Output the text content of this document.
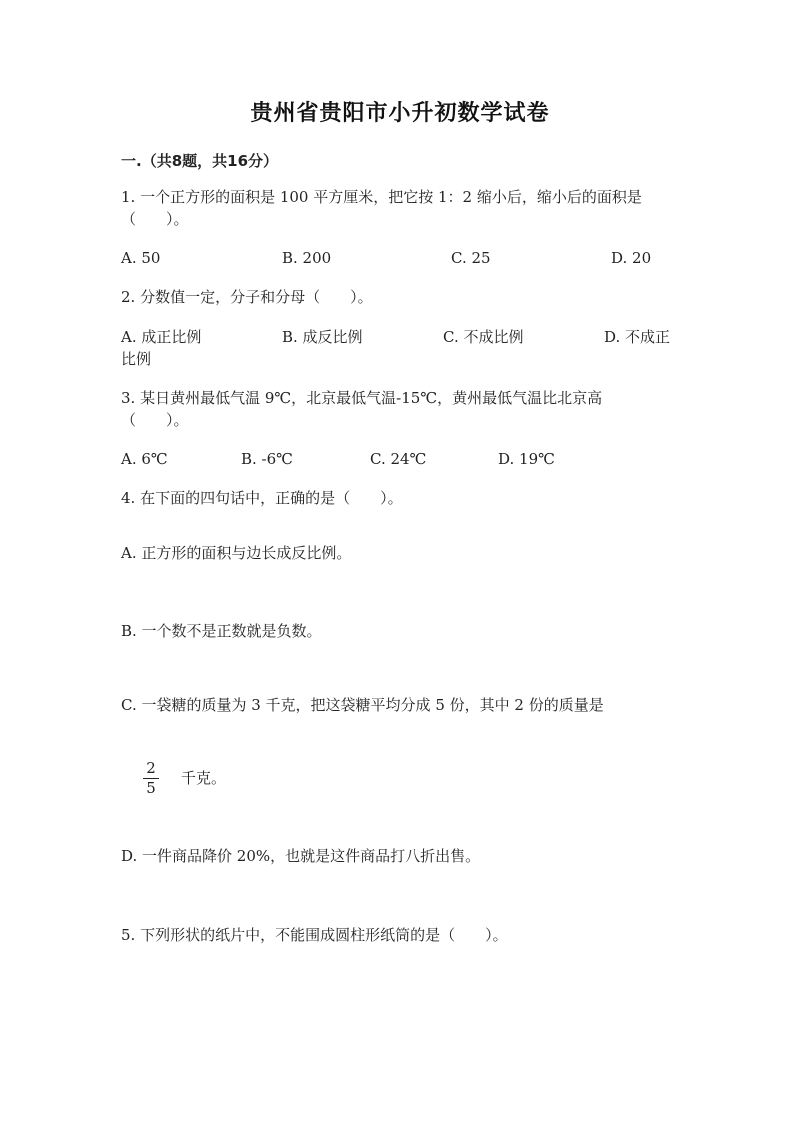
贵州省贵阳市小升初数学试卷
一.（共8题，共16分）
1. 一个正方形的面积是 100 平方厘米，把它按 1：2 缩小后，缩小后的面积是
（　　）。
A. 50	B. 200	C. 25	D. 20
2. 分数值一定，分子和分母（　　）。
A. 成正比例	B. 成反比例	C. 不成比例	D. 不成正
比例
3. 某日黄州最低气温 9℃，北京最低气温-15℃，黄州最低气温比北京高
（　　）。
A. 6℃	B. -6℃	C. 24℃	D. 19℃
4. 在下面的四句话中，正确的是（　　）。
A. 正方形的面积与边长成反比例。
B. 一个数不是正数就是负数。
C. 一袋糖的质量为 3 千克，把这袋糖平均分成 5 份，其中 2 份的质量是
2
5
千克。
D. 一件商品降价 20%，也就是这件商品打八折出售。
5. 下列形状的纸片中，不能围成圆柱形纸筒的是（　　）。
